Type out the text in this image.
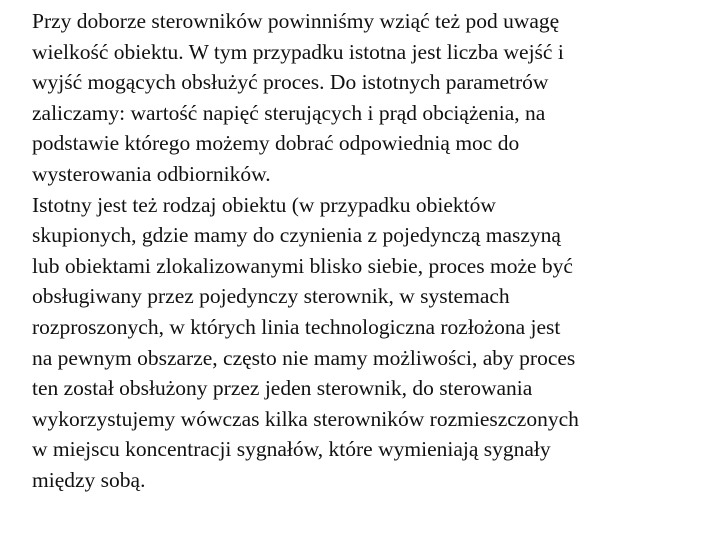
Przy doborze sterowników powinniśmy wziąć też pod uwagę
wielkość obiektu. W tym przypadku istotna jest liczba wejść i
wyjść mogących obsłużyć proces. Do istotnych parametrów
zaliczamy: wartość napięć sterujących i prąd obciążenia, na
podstawie którego możemy dobrać odpowiednią moc do
wysterowania odbiorników.
Istotny jest też rodzaj obiektu (w przypadku obiektów
skupionych, gdzie mamy do czynienia z pojedynczą maszyną
lub obiektami zlokalizowanymi blisko siebie, proces może być
obsługiwany przez pojedynczy sterownik, w systemach
rozproszonych, w których linia technologiczna rozłożona jest
na pewnym obszarze, często nie mamy możliwości, aby proces
ten został obsłużony przez jeden sterownik, do sterowania
wykorzystujemy wówczas kilka sterowników rozmieszczonych
w miejscu koncentracji sygnałów, które wymieniają sygnały
między sobą.
